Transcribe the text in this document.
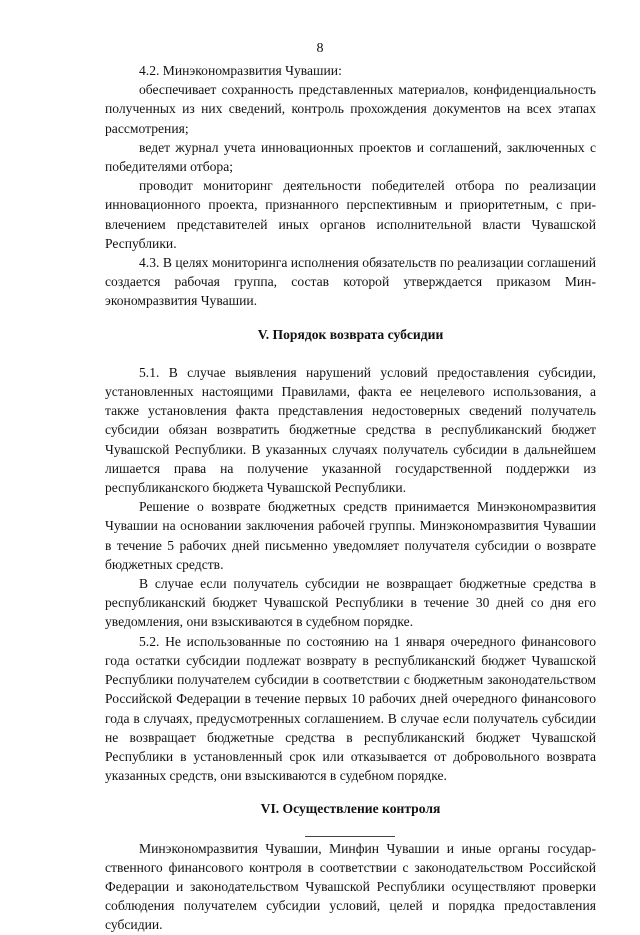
8

4.2. Минэкономразвития Чувашии:

обеспечивает сохранность представленных материалов, конфиденциальность полученных из них сведений, контроль прохождения документов на всех этапах рассмотрения;

ведет журнал учета инновационных проектов и соглашений, заключенных с победителями отбора;

проводит мониторинг деятельности победителей отбора по реализации инновационного проекта, признанного перспективным и приоритетным, с привлечением представителей иных органов исполнительной власти Чувашской Республики.

4.3. В целях мониторинга исполнения обязательств по реализации соглашений создается рабочая группа, состав которой утверждается приказом Минэкономразвития Чувашии.

V. Порядок возврата субсидии

5.1. В случае выявления нарушений условий предоставления субсидии, установленных настоящими Правилами, факта ее нецелевого использования, а также установления факта представления недостоверных сведений получатель субсидии обязан возвратить бюджетные средства в республиканский бюджет Чувашской Республики. В указанных случаях получатель субсидии в дальнейшем лишается права на получение указанной государственной поддержки из республиканского бюджета Чувашской Республики.

Решение о возврате бюджетных средств принимается Минэкономразвития Чувашии на основании заключения рабочей группы. Минэкономразвития Чувашии в течение 5 рабочих дней письменно уведомляет получателя субсидии о возврате бюджетных средств.

В случае если получатель субсидии не возвращает бюджетные средства в республиканский бюджет Чувашской Республики в течение 30 дней со дня его уведомления, они взыскиваются в судебном порядке.

5.2. Не использованные по состоянию на 1 января очередного финансового года остатки субсидии подлежат возврату в республиканский бюджет Чувашской Республики получателем субсидии в соответствии с бюджетным законодательством Российской Федерации в течение первых 10 рабочих дней очередного финансового года в случаях, предусмотренных соглашением. В случае если получатель субсидии не возвращает бюджетные средства в республиканский бюджет Чувашской Республики в установленный срок или отказывается от добровольного возврата указанных средств, они взыскиваются в судебном порядке.

VI. Осуществление контроля

Минэкономразвития Чувашии, Минфин Чувашии и иные органы государственного финансового контроля в соответствии с законодательством Российской Федерации и законодательством Чувашской Республики осуществляют проверки соблюдения получателем субсидии условий, целей и порядка предоставления субсидии.
